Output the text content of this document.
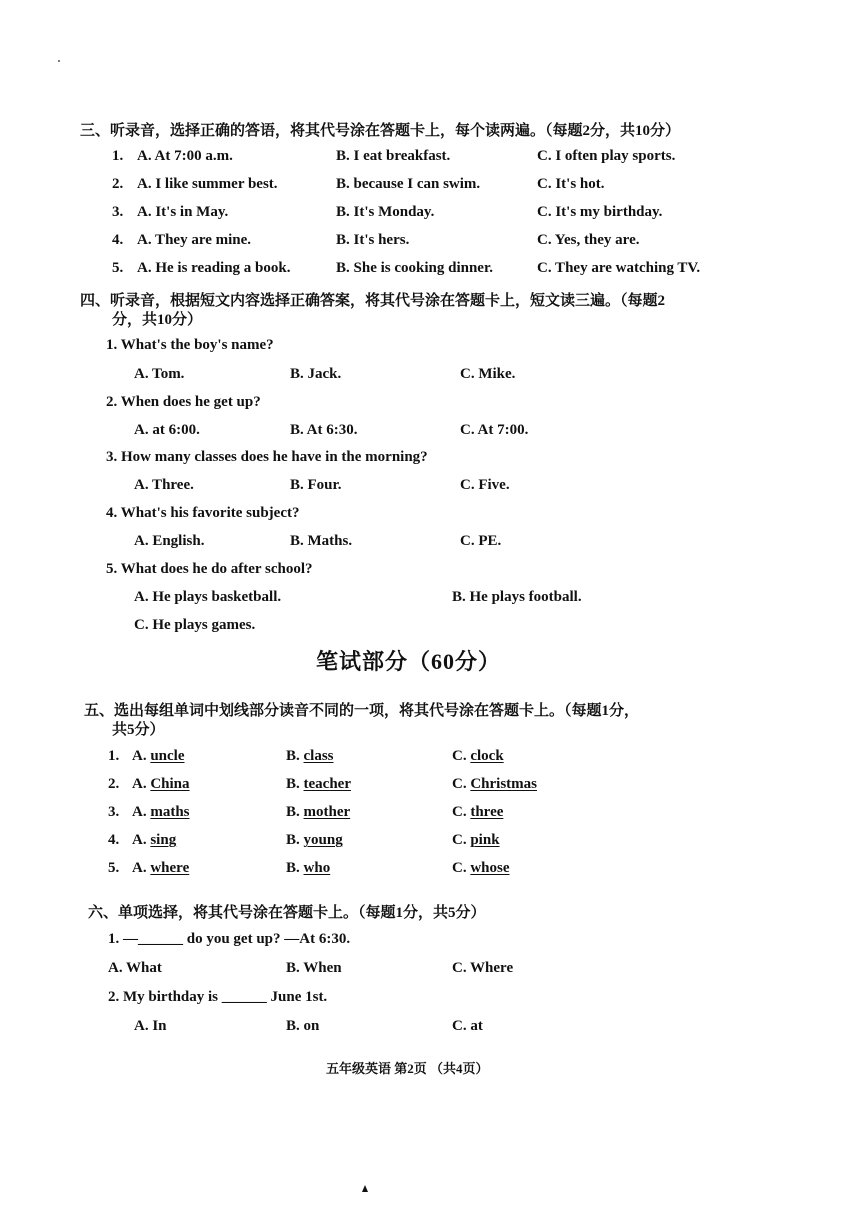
三、听录音，选择正确的答语，将其代号涂在答题卡上，每个读两遍。（每题2分，共10分）
1. A. At 7:00 a.m.	B. I eat breakfast.	C. I often play sports.
2. A. I like summer best.	B. because I can swim.	C. It's hot.
3. A. It's in May.	B. It's Monday.	C. It's my birthday.
4. A. They are mine.	B. It's hers.	C. Yes, they are.
5. A. He is reading a book.	B. She is cooking dinner.	C. They are watching TV.
四、听录音，根据短文内容选择正确答案，将其代号涂在答题卡上，短文读三遍。（每题2
分，共10分）
1. What's the boy's name?
A. Tom.	B. Jack.	C. Mike.
2. When does he get up?
A. at 6:00.	B. At 6:30.	C. At 7:00.
3. How many classes does he have in the morning?
A. Three.	B. Four.	C. Five.
4. What's his favorite subject?
A. English.	B. Maths.	C. PE.
5. What does he do after school?
A. He plays basketball.	B. He plays football.
C. He plays games.
笔试部分（60分）
五、选出每组单词中划线部分读音不同的一项，将其代号涂在答题卡上。（每题1分，
共5分）
1. A. uncle	B. class	C. clock
2. A. China	B. teacher	C. Christmas
3. A. maths	B. mother	C. three
4. A. sing	B. young	C. pink
5. A. where	B. who	C. whose
六、单项选择，将其代号涂在答题卡上。（每题1分，共5分）
1. —______ do you get up? —At 6:30.
A. What	B. When	C. Where
2. My birthday is ______ June 1st.
A. In	B. on	C. at
五年级英语 第2页 （共4页）
